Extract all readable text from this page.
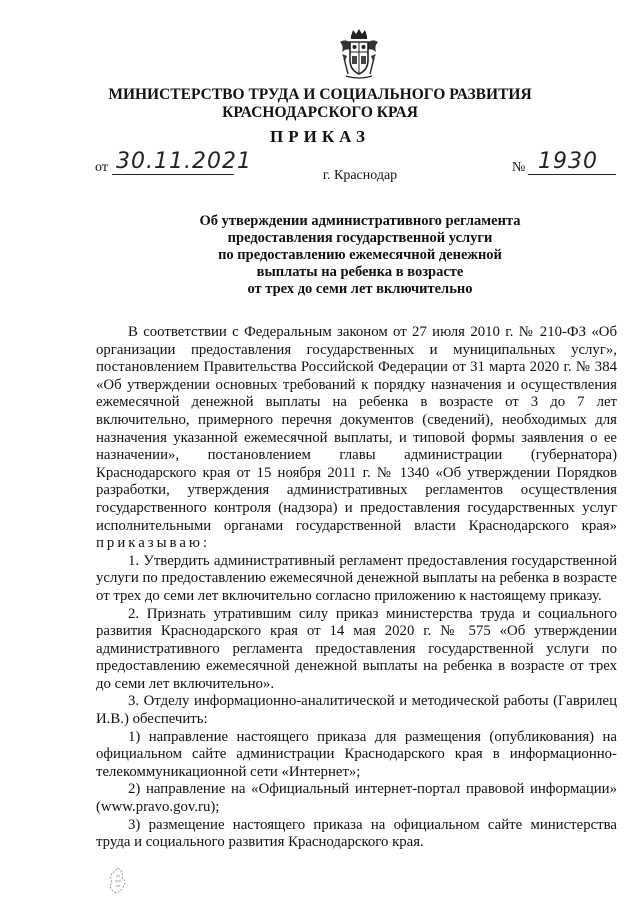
МИНИСТЕРСТВО ТРУДА И СОЦИАЛЬНОГО РАЗВИТИЯ
КРАСНОДАРСКОГО КРАЯ
ПРИКАЗ
от 30.11.2021	№ 1930
г. Краснодар
Об утверждении административного регламента
предоставления государственной услуги
по предоставлению ежемесячной денежной
выплаты на ребенка в возрасте
от трех до семи лет включительно

В соответствии с Федеральным законом от 27 июля 2010 г. № 210-ФЗ «Об организации предоставления государственных и муниципальных услуг», постановлением Правительства Российской Федерации от 31 марта 2020 г. № 384 «Об утверждении основных требований к порядку назначения и осуществления ежемесячной денежной выплаты на ребенка в возрасте от 3 до 7 лет включительно, примерного перечня документов (сведений), необходимых для назначения указанной ежемесячной выплаты, и типовой формы заявления о ее назначении», постановлением главы администрации (губернатора) Краснодарского края от 15 ноября 2011 г. № 1340 «Об утверждении Порядков разработки, утверждения административных регламентов осуществления государственного контроля (надзора) и предоставления государственных услуг исполнительными органами государственной власти Краснодарского края» приказываю:

1. Утвердить административный регламент предоставления государственной услуги по предоставлению ежемесячной денежной выплаты на ребенка в возрасте от трех до семи лет включительно согласно приложению к настоящему приказу.

2. Признать утратившим силу приказ министерства труда и социального развития Краснодарского края от 14 мая 2020 г. № 575 «Об утверждении административного регламента предоставления государственной услуги по предоставлению ежемесячной денежной выплаты на ребенка в возрасте от трех до семи лет включительно».

3. Отделу информационно-аналитической и методической работы (Гаврилец И.В.) обеспечить:

1) направление настоящего приказа для размещения (опубликования) на официальном сайте администрации Краснодарского края в информационно-телекоммуникационной сети «Интернет»;

2) направление на «Официальный интернет-портал правовой информации» (www.pravo.gov.ru);

3) размещение настоящего приказа на официальном сайте министерства труда и социального развития Краснодарского края.
